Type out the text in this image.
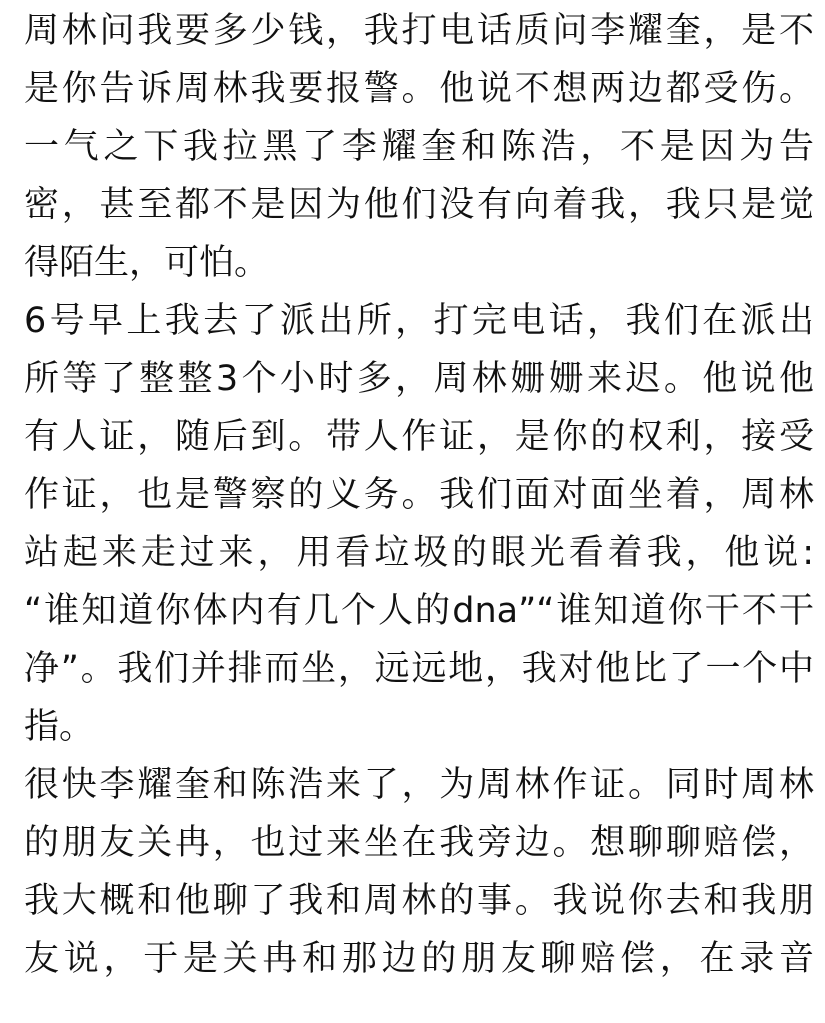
周林问我要多少钱，我打电话质问李耀奎，是不
是你告诉周林我要报警。他说不想两边都受伤。
一气之下我拉黑了李耀奎和陈浩，不是因为告
密，甚至都不是因为他们没有向着我，我只是觉
得陌生，可怕。
6号早上我去了派出所，打完电话，我们在派出
所等了整整3个小时多，周林姗姗来迟。他说他
有人证，随后到。带人作证，是你的权利，接受
作证，也是警察的义务。我们面对面坐着，周林
站起来走过来，用看垃圾的眼光看着我，他说:
“谁知道你体内有几个人的dna”“谁知道你干不干
净”。我们并排而坐，远远地，我对他比了一个中
指。
很快李耀奎和陈浩来了，为周林作证。同时周林
的朋友关冉，也过来坐在我旁边。想聊聊赔偿，
我大概和他聊了我和周林的事。我说你去和我朋
友说，于是关冉和那边的朋友聊赔偿，在录音
